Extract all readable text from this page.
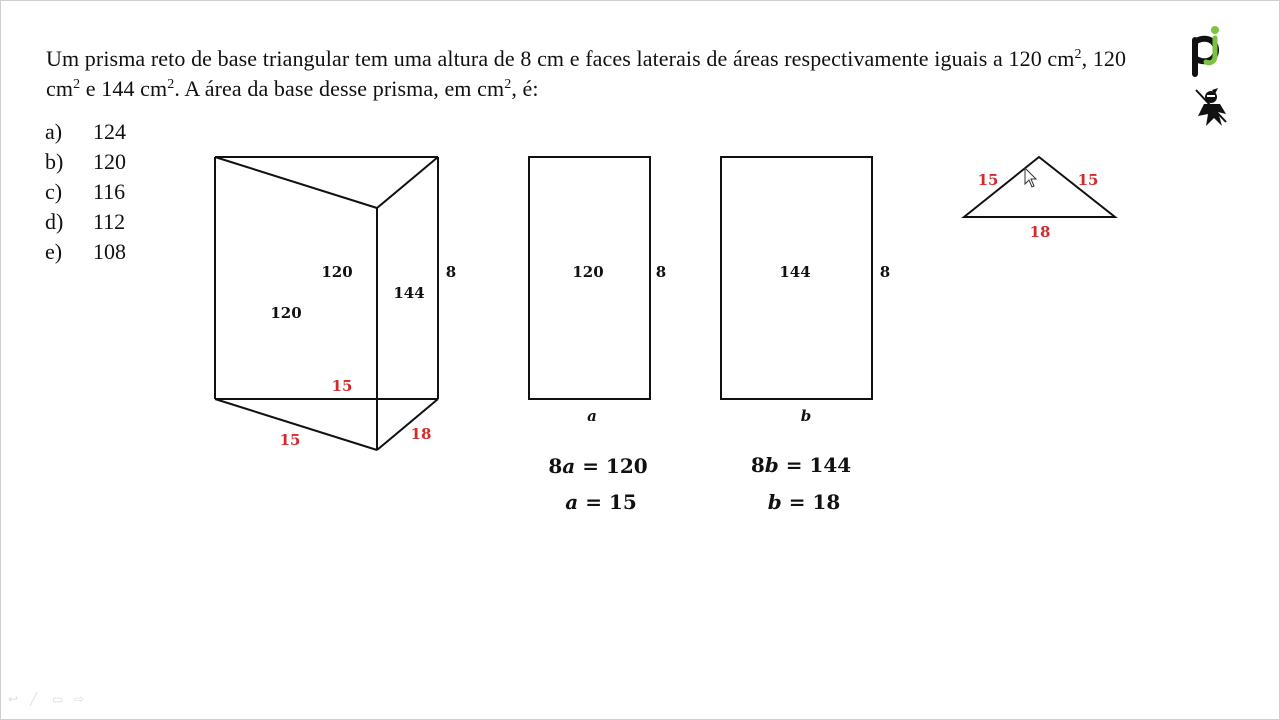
Um prisma reto de base triangular tem uma altura de 8 cm e faces laterais de áreas respectivamente iguais a 120 $cm^2$, 120 $cm^2$ e 144 $cm^2$. A área da base desse prisma, em $cm^2$, é:
a)	124
b)	120
c)	116
d)	112
e)	108
120
120
144
8
15
15	18
120	8
a
144	8
b
15	15
18
8a = 120
a = 15
8b = 144
b = 18
↩ ╱	▭ ⇨
